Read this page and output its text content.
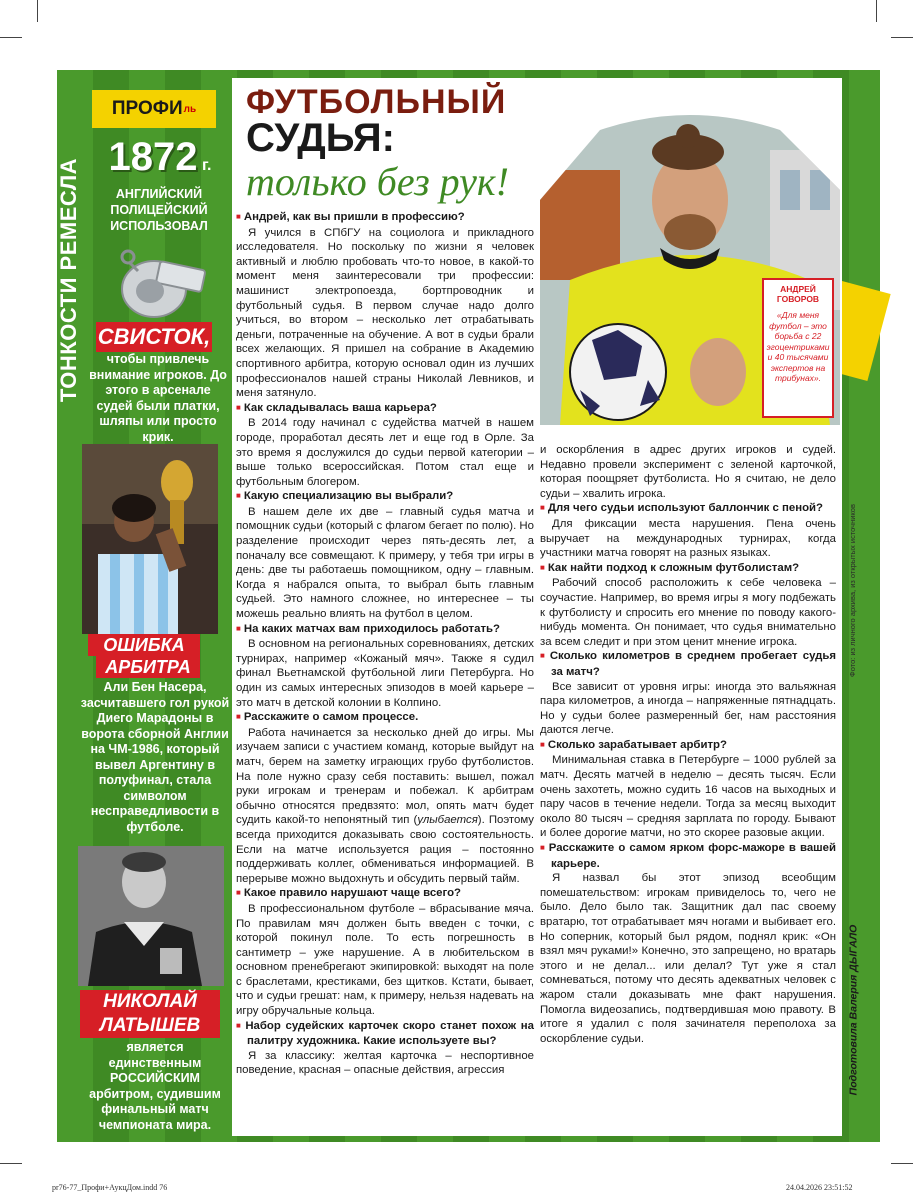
ТОНКОСТИ РЕМЕСЛА
ПРОФИ ль
1872 г.
АНГЛИЙСКИЙ ПОЛИЦЕЙСКИЙ ИСПОЛЬЗОВАЛ
СВИСТОК,
чтобы привлечь внимание игроков. До этого в арсенале судей были платки, шляпы или просто крик.
ОШИБКА
АРБИТРА
Али Бен Насера, засчитавшего гол рукой Диего Марадоны в ворота сборной Англии на ЧМ-1986, который вывел Аргентину в полуфинал, стала символом несправедливости в футболе.
НИКОЛАЙ
ЛАТЫШЕВ
является единственным РОССИЙСКИМ арбитром, судившим финальный матч чемпионата мира.
ФУТБОЛЬНЫЙ
СУДЬЯ:
только без рук!
АНДРЕЙ
ГОВОРОВ
«Для меня футбол – это борьба с 22 эгоцентриками и 40 тысячами экспертов на трибунах».

■ Андрей, как вы пришли в профессию?

Я учился в СПбГУ на социолога и прикладного исследователя. Но поскольку по жизни я человек активный и люблю пробовать что-то новое, в какой-то момент меня заинтересовали три профессии: машинист электропоезда, бортпроводник и футбольный судья. В первом случае надо долго учиться, во втором – несколько лет отрабатывать деньги, потраченные на обучение. А вот в судьи брали всех желающих. Я пришел на собрание в Академию спортивного арбитра, которую основал один из лучших профессионалов нашей страны Николай Левников, и меня затянуло.

■ Как складывалась ваша карьера?

В 2014 году начинал с судейства матчей в нашем городе, проработал десять лет и еще год в Орле. За это время я дослужился до судьи первой категории – выше только всероссийская. Потом стал еще и футбольным блогером.

■ Какую специализацию вы выбрали?

В нашем деле их две – главный судья матча и помощник судьи (который с флагом бегает по полю). Но разделение происходит через пять-десять лет, а поначалу все совмещают. К примеру, у тебя три игры в день: две ты работаешь помощником, одну – главным. Когда я набрался опыта, то выбрал быть главным судьей. Это намного сложнее, но интереснее – ты можешь реально влиять на футбол в целом.

■ На каких матчах вам приходилось работать?

В основном на региональных соревнованиях, детских турнирах, например «Кожаный мяч». Также я судил финал Вьетнамской футбольной лиги Петербурга. Но один из самых интересных эпизодов в моей карьере – это матч в детской колонии в Колпино.

■ Расскажите о самом процессе.

Работа начинается за несколько дней до игры. Мы изучаем записи с участием команд, которые выйдут на матч, берем на заметку играющих грубо футболистов. На поле нужно сразу себя поставить: вышел, пожал руки игрокам и тренерам и побежал. К арбитрам обычно относятся предвзято: мол, опять матч будет судить какой-то непонятный тип (улыбается). Поэтому всегда приходится доказывать свою состоятельность. Если на матче используется рация – постоянно поддерживать коллег, обмениваться информацией. В перерыве можно выдохнуть и обсудить первый тайм.

■ Какое правило нарушают чаще всего?

В профессиональном футболе – вбрасывание мяча. По правилам мяч должен быть введен с точки, с которой покинул поле. То есть погрешность в сантиметр – уже нарушение. А в любительском в основном пренебрегают экипировкой: выходят на поле с браслетами, крестиками, без щитков. Кстати, бывает, что и судьи грешат: нам, к примеру, нельзя надевать на игру обручальные кольца.

■ Набор судейских карточек скоро станет похож на палитру художника. Какие используете вы?

Я за классику: желтая карточка – неспортивное поведение, красная – опасные действия, агрессия

и оскорбления в адрес других игроков и судей. Недавно провели эксперимент с зеленой карточкой, которая поощряет футболиста. Но я считаю, не дело судьи – хвалить игрока.

■ Для чего судьи используют баллончик с пеной?

Для фиксации места нарушения. Пена очень выручает на международных турнирах, когда участники матча говорят на разных языках.

■ Как найти подход к сложным футболистам?

Рабочий способ расположить к себе человека – соучастие. Например, во время игры я могу подбежать к футболисту и спросить его мнение по поводу какого-нибудь момента. Он понимает, что судья внимательно за всем следит и при этом ценит мнение игрока.

■ Сколько километров в среднем пробегает судья за матч?

Все зависит от уровня игры: иногда это вальяжная пара километров, а иногда – напряженные пятнадцать. Но у судьи более размеренный бег, нам расстояния даются легче.

■ Сколько зарабатывает арбитр?

Минимальная ставка в Петербурге – 1000 рублей за матч. Десять матчей в неделю – десять тысяч. Если очень захотеть, можно судить 16 часов на выходных и пару часов в течение недели. Тогда за месяц выходит около 80 тысяч – средняя зарплата по городу. Бывают и более дорогие матчи, но это скорее разовые акции.

■ Расскажите о самом ярком форс-мажоре в вашей карьере.

Я назвал бы этот эпизод всеобщим помешательством: игрокам привиделось то, чего не было. Дело было так. Защитник дал пас своему вратарю, тот отрабатывает мяч ногами и выбивает его. Но соперник, который был рядом, поднял крик: «Он взял мяч руками!» Конечно, это запрещено, но вратарь этого и не делал... или делал? Тут уже я стал сомневаться, потому что десять адекватных человек с жаром стали доказывать мне факт нарушения. Помогла видеозапись, подтвердившая мою правоту. В итоге я удалил с поля зачинателя переполоха за оскорбление судьи.

Фото: из личного архива, из открытых источников
Подготовила Валерия ДЫГАЛО
pr76-77_Профи+АукцДом.indd 76	24.04.2026 23:51:52
